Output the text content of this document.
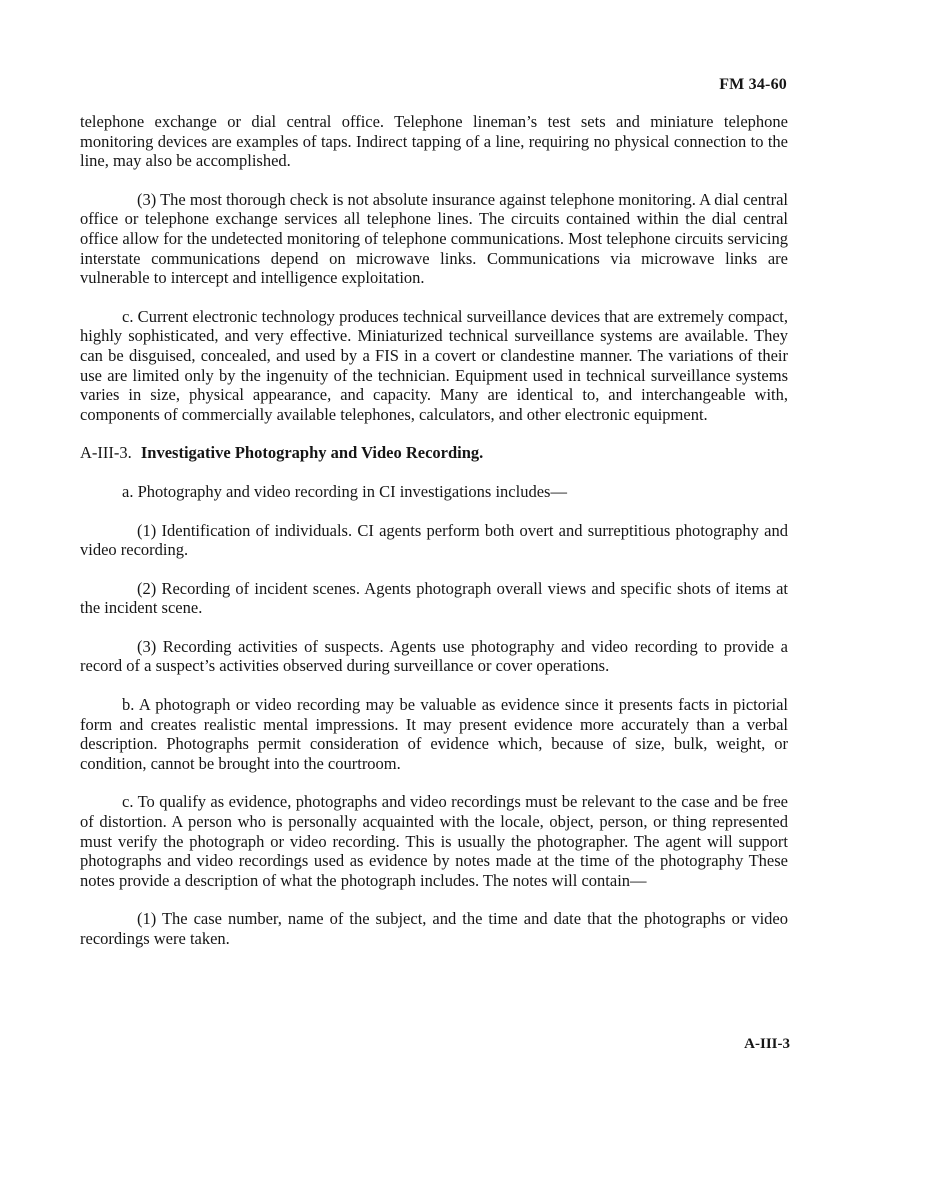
FM 34-60

telephone exchange or dial central office. Telephone lineman’s test sets and miniature telephone monitoring devices are examples of taps. Indirect tapping of a line, requiring no physical connection to the line, may also be accomplished.

(3) The most thorough check is not absolute insurance against telephone monitoring. A dial central office or telephone exchange services all telephone lines. The circuits contained within the dial central office allow for the undetected monitoring of telephone communications. Most telephone circuits servicing interstate communications depend on microwave links. Communications via microwave links are vulnerable to intercept and intelligence exploitation.

c. Current electronic technology produces technical surveillance devices that are extremely compact, highly sophisticated, and very effective. Miniaturized technical surveillance systems are available. They can be disguised, concealed, and used by a FIS in a covert or clandestine manner. The variations of their use are limited only by the ingenuity of the technician. Equipment used in technical surveillance systems varies in size, physical appearance, and capacity. Many are identical to, and interchangeable with, components of commercially available telephones, calculators, and other electronic equipment.

A-III-3. Investigative Photography and Video Recording.

a. Photography and video recording in CI investigations includes—

(1) Identification of individuals. CI agents perform both overt and surreptitious photography and video recording.

(2) Recording of incident scenes. Agents photograph overall views and specific shots of items at the incident scene.

(3) Recording activities of suspects. Agents use photography and video recording to provide a record of a suspect’s activities observed during surveillance or cover operations.

b. A photograph or video recording may be valuable as evidence since it presents facts in pictorial form and creates realistic mental impressions. It may present evidence more accurately than a verbal description. Photographs permit consideration of evidence which, because of size, bulk, weight, or condition, cannot be brought into the courtroom.

c. To qualify as evidence, photographs and video recordings must be relevant to the case and be free of distortion. A person who is personally acquainted with the locale, object, person, or thing represented must verify the photograph or video recording. This is usually the photographer. The agent will support photographs and video recordings used as evidence by notes made at the time of the photography These notes provide a description of what the photograph includes. The notes will contain—

(1) The case number, name of the subject, and the time and date that the photographs or video recordings were taken.

A-III-3
